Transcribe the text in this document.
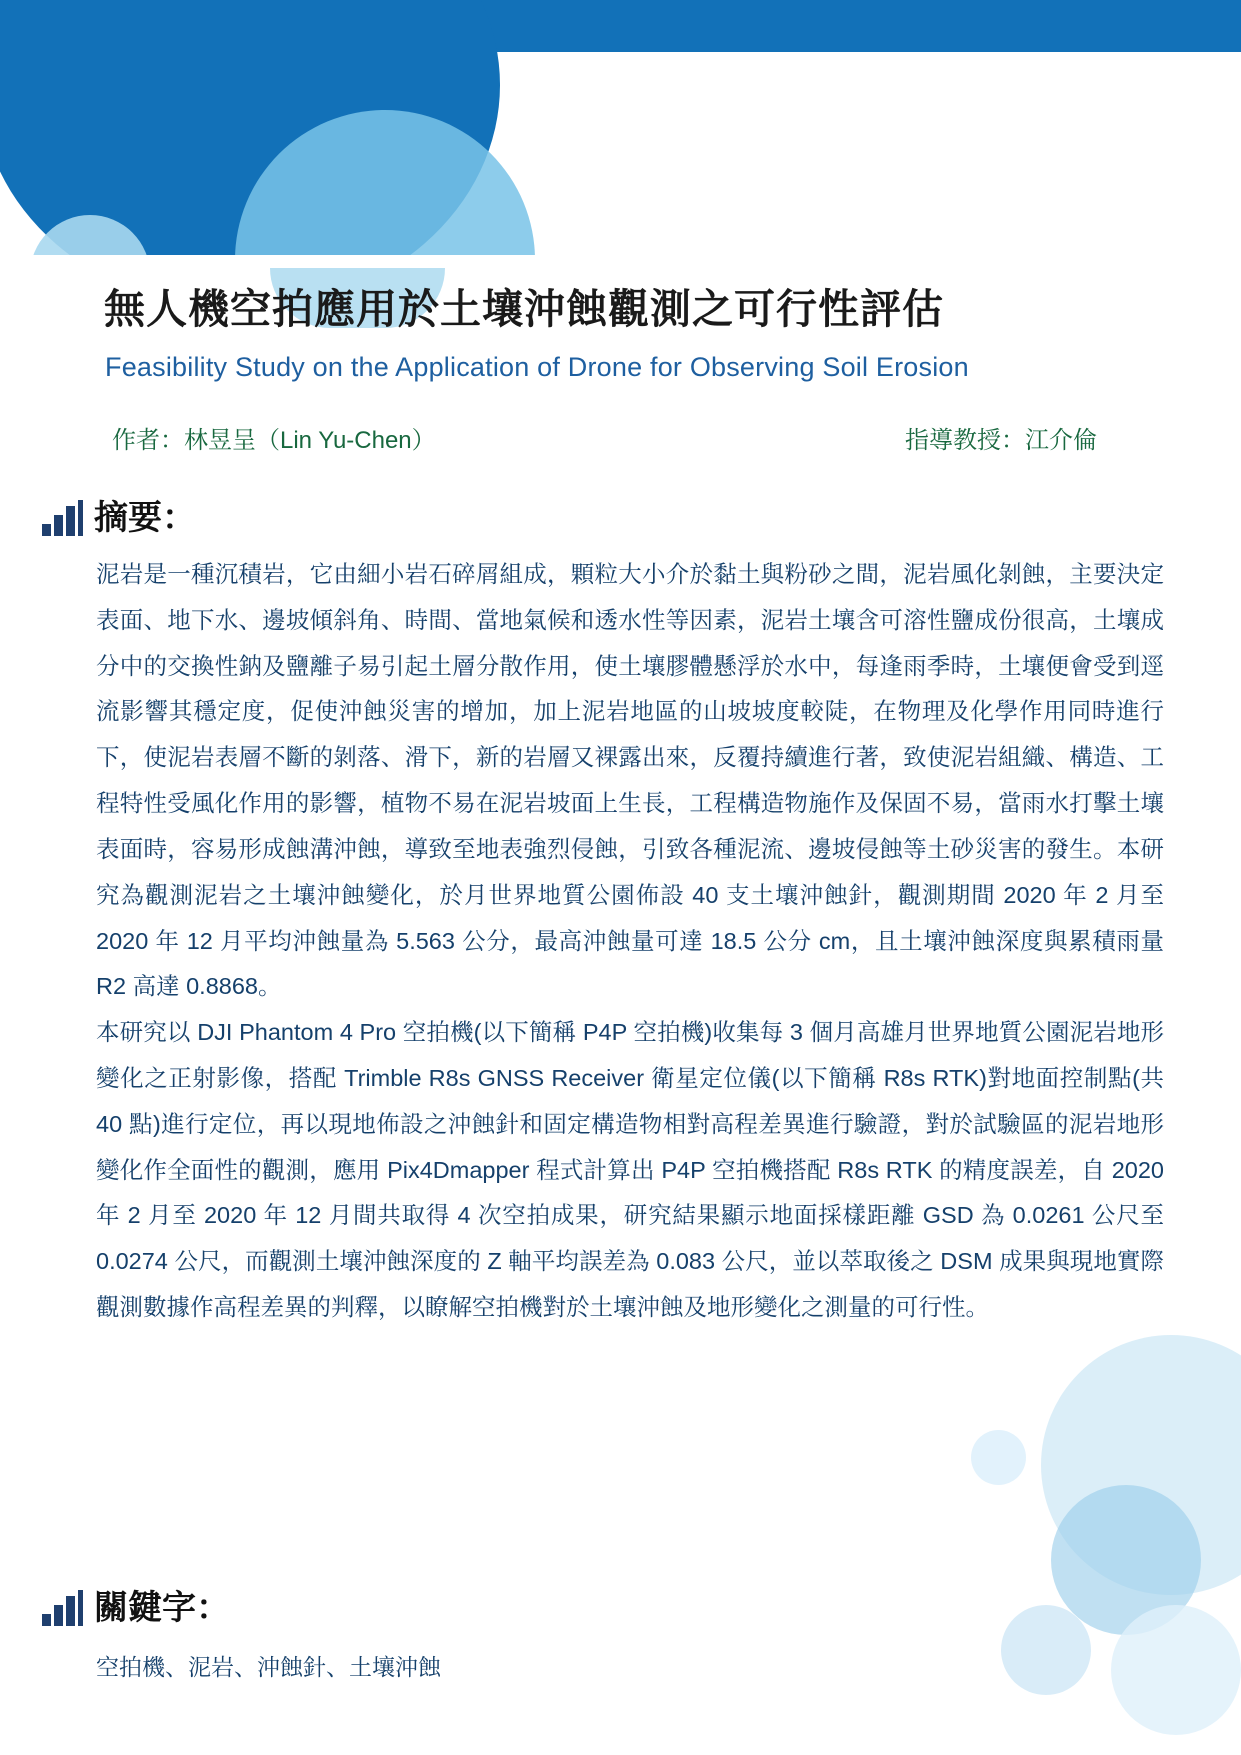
無人機空拍應用於土壤沖蝕觀測之可行性評估
Feasibility Study on the Application of Drone for Observing Soil Erosion
作者：林昱呈（Lin Yu-Chen）	指導教授：江介倫
摘要：

泥岩是一種沉積岩，它由細小岩石碎屑組成，顆粒大小介於黏土與粉砂之間，泥岩風化剝蝕，主要決定表面、地下水、邊坡傾斜角、時間、當地氣候和透水性等因素，泥岩土壤含可溶性鹽成份很高，土壤成分中的交換性鈉及鹽離子易引起土層分散作用，使土壤膠體懸浮於水中，每逢雨季時，土壤便會受到逕流影響其穩定度，促使沖蝕災害的增加，加上泥岩地區的山坡坡度較陡，在物理及化學作用同時進行下，使泥岩表層不斷的剝落、滑下，新的岩層又裸露出來，反覆持續進行著，致使泥岩組織、構造、工程特性受風化作用的影響，植物不易在泥岩坡面上生長，工程構造物施作及保固不易，當雨水打擊土壤表面時，容易形成蝕溝沖蝕，導致至地表強烈侵蝕，引致各種泥流、邊坡侵蝕等土砂災害的發生。本研究為觀測泥岩之土壤沖蝕變化，於月世界地質公園佈設 40 支土壤沖蝕針，觀測期間 2020 年 2 月至 2020 年 12 月平均沖蝕量為 5.563 公分，最高沖蝕量可達 18.5 公分 cm，且土壤沖蝕深度與累積雨量 R2 高達 0.8868。

本研究以 DJI Phantom 4 Pro 空拍機(以下簡稱 P4P 空拍機)收集每 3 個月高雄月世界地質公園泥岩地形變化之正射影像，搭配 Trimble R8s GNSS Receiver 衛星定位儀(以下簡稱 R8s RTK)對地面控制點(共 40 點)進行定位，再以現地佈設之沖蝕針和固定構造物相對高程差異進行驗證，對於試驗區的泥岩地形變化作全面性的觀測，應用 Pix4Dmapper 程式計算出 P4P 空拍機搭配 R8s RTK 的精度誤差，自 2020 年 2 月至 2020 年 12 月間共取得 4 次空拍成果，研究結果顯示地面採樣距離 GSD 為 0.0261 公尺至 0.0274 公尺，而觀測土壤沖蝕深度的 Z 軸平均誤差為 0.083 公尺，並以萃取後之 DSM 成果與現地實際觀測數據作高程差異的判釋，以瞭解空拍機對於土壤沖蝕及地形變化之測量的可行性。

關鍵字：
空拍機、泥岩、沖蝕針、土壤沖蝕
